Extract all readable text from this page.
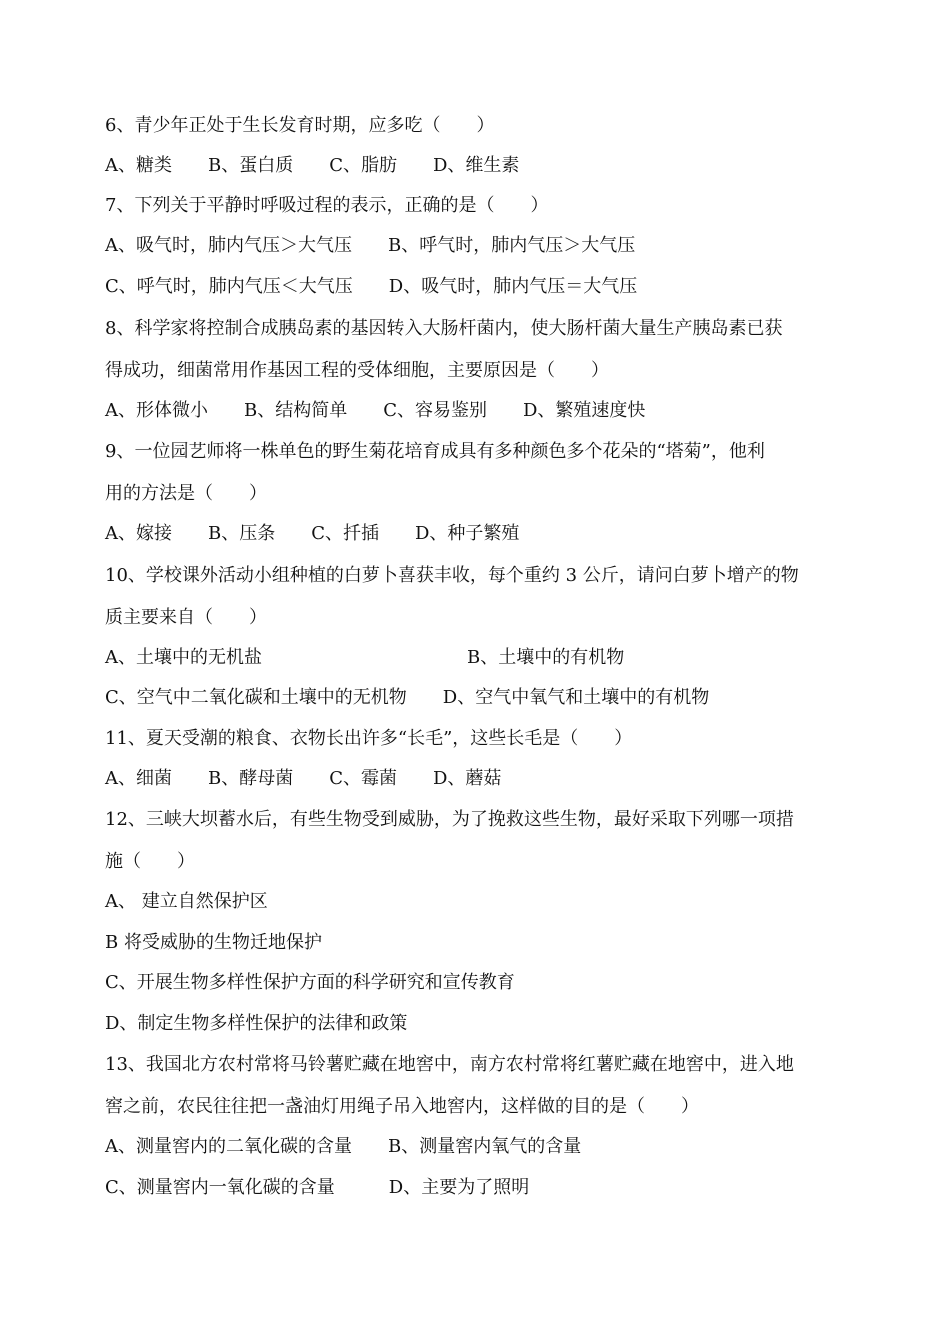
6、青少年正处于生长发育时期，应多吃（　　）
A、糖类　　B、蛋白质　　C、脂肪　　D、维生素
7、下列关于平静时呼吸过程的表示，正确的是（　　）
A、吸气时，肺内气压＞大气压　　B、呼气时，肺内气压＞大气压
C、呼气时，肺内气压＜大气压　　D、吸气时，肺内气压＝大气压
8、科学家将控制合成胰岛素的基因转入大肠杆菌内，使大肠杆菌大量生产胰岛素已获
得成功，细菌常用作基因工程的受体细胞，主要原因是（　　）
A、形体微小　　B、结构简单　　C、容易鉴别　　D、繁殖速度快
9、一位园艺师将一株单色的野生菊花培育成具有多种颜色多个花朵的“塔菊”，他利
用的方法是（　　）
A、嫁接　　B、压条　　C、扦插　　D、种子繁殖
10、学校课外活动小组种植的白萝卜喜获丰收，每个重约 3 公斤，请问白萝卜增产的物
质主要来自（　　）
A、土壤中的无机盐	B、土壤中的有机物
C、空气中二氧化碳和土壤中的无机物　　D、空气中氧气和土壤中的有机物
11、夏天受潮的粮食、衣物长出许多“长毛”，这些长毛是（　　）
A、细菌　　B、酵母菌　　C、霉菌　　D、蘑菇
12、三峡大坝蓄水后，有些生物受到威胁，为了挽救这些生物，最好采取下列哪一项措
施（　　）
A、 建立自然保护区
B 将受威胁的生物迁地保护
C、开展生物多样性保护方面的科学研究和宣传教育
D、制定生物多样性保护的法律和政策
13、我国北方农村常将马铃薯贮藏在地窖中，南方农村常将红薯贮藏在地窖中，进入地
窖之前，农民往往把一盏油灯用绳子吊入地窖内，这样做的目的是（　　）
A、测量窖内的二氧化碳的含量　　B、测量窖内氧气的含量
C、测量窖内一氧化碳的含量　　　D、主要为了照明
